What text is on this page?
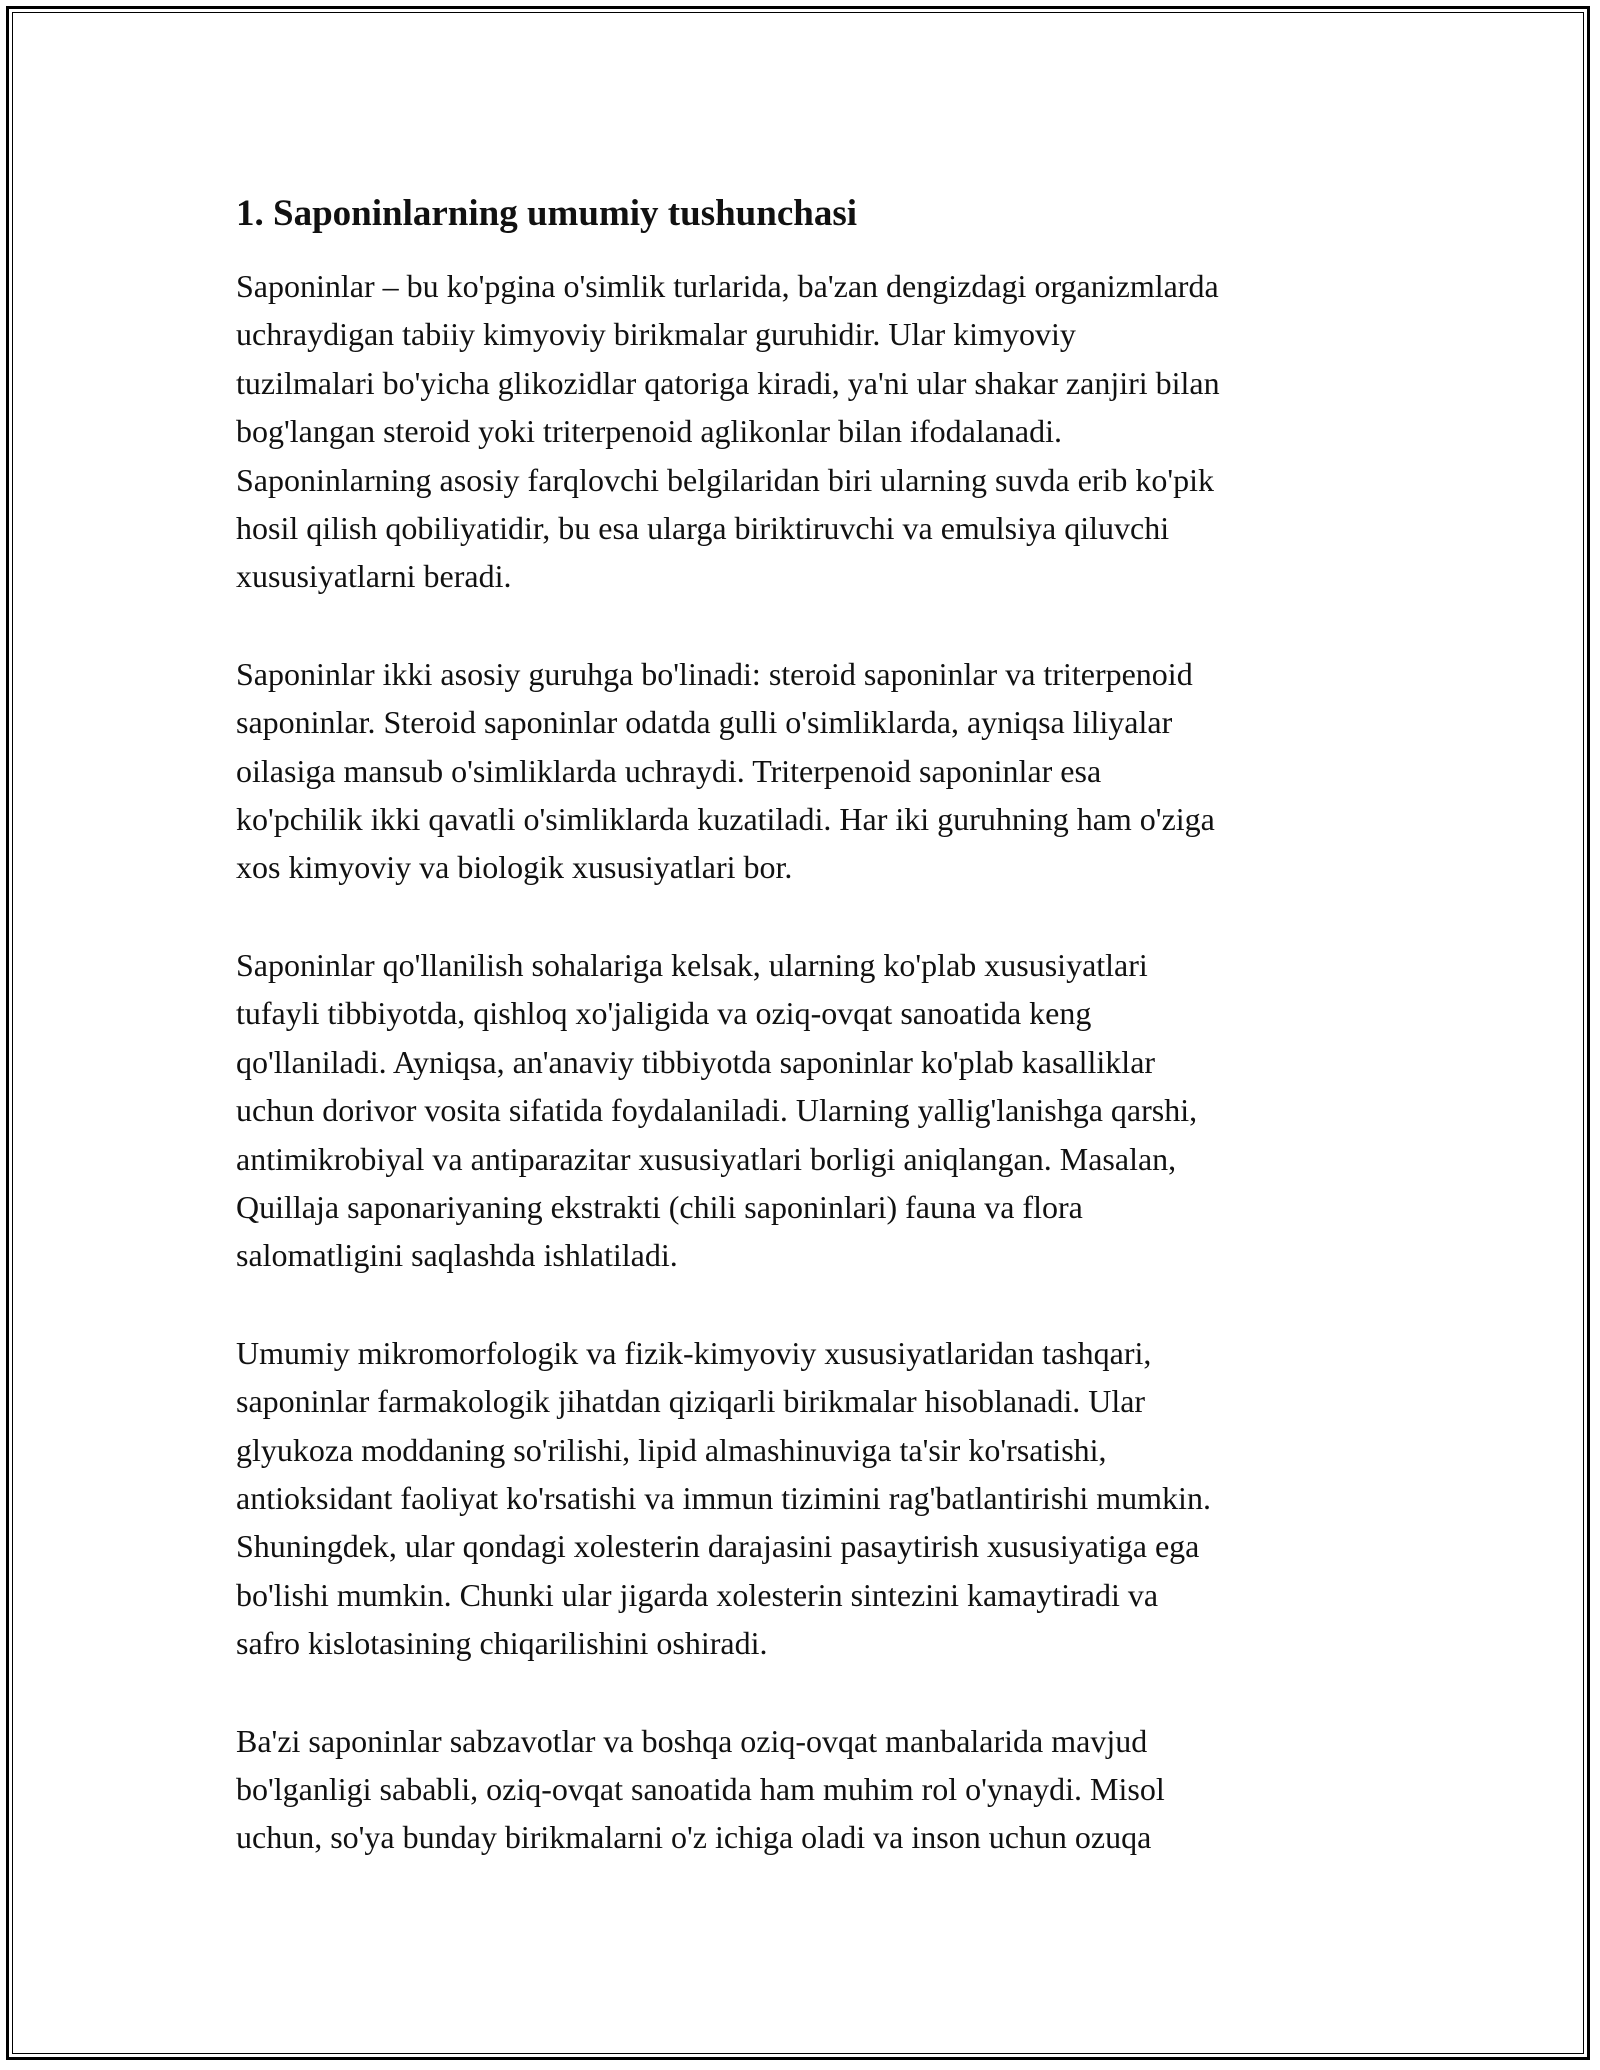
1. Saponinlarning umumiy tushunchasi

Saponinlar – bu ko'pgina o'simlik turlarida, ba'zan dengizdagi organizmlarda
uchraydigan tabiiy kimyoviy birikmalar guruhidir. Ular kimyoviy
tuzilmalari bo'yicha glikozidlar qatoriga kiradi, ya'ni ular shakar zanjiri bilan
bog'langan steroid yoki triterpenoid aglikonlar bilan ifodalanadi.
Saponinlarning asosiy farqlovchi belgilaridan biri ularning suvda erib ko'pik
hosil qilish qobiliyatidir, bu esa ularga biriktiruvchi va emulsiya qiluvchi
xususiyatlarni beradi.

Saponinlar ikki asosiy guruhga bo'linadi: steroid saponinlar va triterpenoid
saponinlar. Steroid saponinlar odatda gulli o'simliklarda, ayniqsa liliyalar
oilasiga mansub o'simliklarda uchraydi. Triterpenoid saponinlar esa
ko'pchilik ikki qavatli o'simliklarda kuzatiladi. Har iki guruhning ham o'ziga
xos kimyoviy va biologik xususiyatlari bor.

Saponinlar qo'llanilish sohalariga kelsak, ularning ko'plab xususiyatlari
tufayli tibbiyotda, qishloq xo'jaligida va oziq-ovqat sanoatida keng
qo'llaniladi. Ayniqsa, an'anaviy tibbiyotda saponinlar ko'plab kasalliklar
uchun dorivor vosita sifatida foydalaniladi. Ularning yallig'lanishga qarshi,
antimikrobiyal va antiparazitar xususiyatlari borligi aniqlangan. Masalan,
Quillaja saponariyaning ekstrakti (chili saponinlari) fauna va flora
salomatligini saqlashda ishlatiladi.

Umumiy mikromorfologik va fizik-kimyoviy xususiyatlaridan tashqari,
saponinlar farmakologik jihatdan qiziqarli birikmalar hisoblanadi. Ular
glyukoza moddaning so'rilishi, lipid almashinuviga ta'sir ko'rsatishi,
antioksidant faoliyat ko'rsatishi va immun tizimini rag'batlantirishi mumkin.
Shuningdek, ular qondagi xolesterin darajasini pasaytirish xususiyatiga ega
bo'lishi mumkin. Chunki ular jigarda xolesterin sintezini kamaytiradi va
safro kislotasining chiqarilishini oshiradi.

Ba'zi saponinlar sabzavotlar va boshqa oziq-ovqat manbalarida mavjud
bo'lganligi sababli, oziq-ovqat sanoatida ham muhim rol o'ynaydi. Misol
uchun, so'ya bunday birikmalarni o'z ichiga oladi va inson uchun ozuqa
